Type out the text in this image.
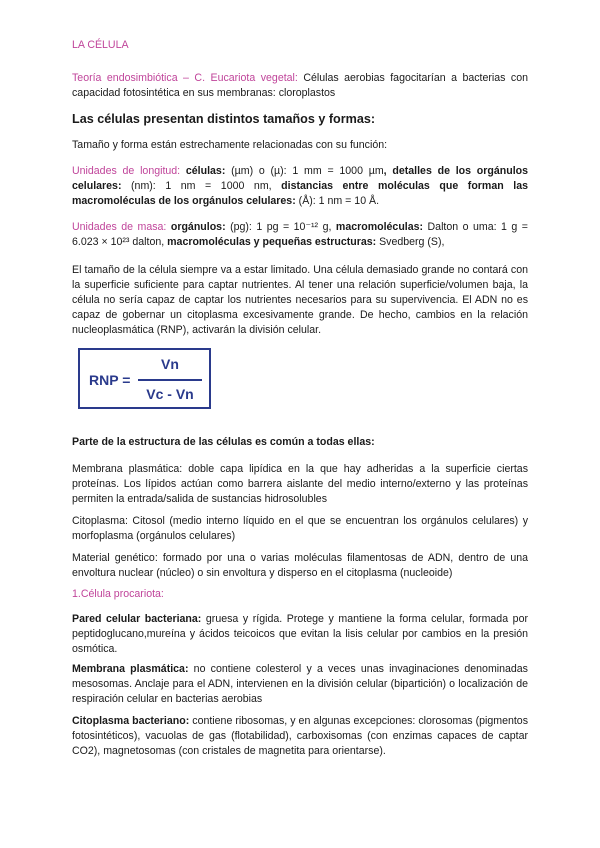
LA CÉLULA
Teoría endosimbiótica – C. Eucariota vegetal: Células aerobias fagocitarían a bacterias con capacidad fotosintética en sus membranas: cloroplastos
Las células presentan distintos tamaños y formas:
Tamaño y forma están estrechamente relacionadas con su función:
Unidades de longitud: células: (µm) o (µ): 1 mm = 1000 µm, detalles de los orgánulos celulares: (nm): 1 nm = 1000 nm, distancias entre moléculas que forman las macromoléculas de los orgánulos celulares: (Å): 1 nm = 10 Å.
Unidades de masa: orgánulos: (pg): 1 pg = 10⁻¹² g, macromoléculas: Dalton o uma: 1 g = 6.023 × 10²³ dalton, macromoléculas y pequeñas estructuras: Svedberg (S),
El tamaño de la célula siempre va a estar limitado. Una célula demasiado grande no contará con la superficie suficiente para captar nutrientes. Al tener una relación superficie/volumen baja, la célula no sería capaz de captar los nutrientes necesarios para su supervivencia. El ADN no es capaz de gobernar un citoplasma excesivamente grande. De hecho, cambios en la relación nucleoplasmática (RNP), activarán la división celular.
RNP =
Vn
Vc - Vn
Parte de la estructura de las células es común a todas ellas:
Membrana plasmática: doble capa lipídica en la que hay adheridas a la superficie ciertas proteínas. Los lípidos actúan como barrera aislante del medio interno/externo y las proteínas permiten la entrada/salida de sustancias hidrosolubles
Citoplasma: Citosol (medio interno líquido en el que se encuentran los orgánulos celulares) y morfoplasma (orgánulos celulares)
Material genético: formado por una o varias moléculas filamentosas de ADN, dentro de una envoltura nuclear (núcleo) o sin envoltura y disperso en el citoplasma (nucleoide)
1.Célula procariota:
Pared celular bacteriana: gruesa y rígida. Protege y mantiene la forma celular, formada por peptidoglucano,mureína y ácidos teicoicos que evitan la lisis celular por cambios en la presión osmótica.
Membrana plasmática: no contiene colesterol y a veces unas invaginaciones denominadas mesosomas. Anclaje para el ADN, intervienen en la división celular (bipartición) o localización de respiración celular en bacterias aerobias
Citoplasma bacteriano: contiene ribosomas, y en algunas excepciones: clorosomas (pigmentos fotosintéticos), vacuolas de gas (flotabilidad), carboxisomas (con enzimas capaces de captar CO2), magnetosomas (con cristales de magnetita para orientarse).
